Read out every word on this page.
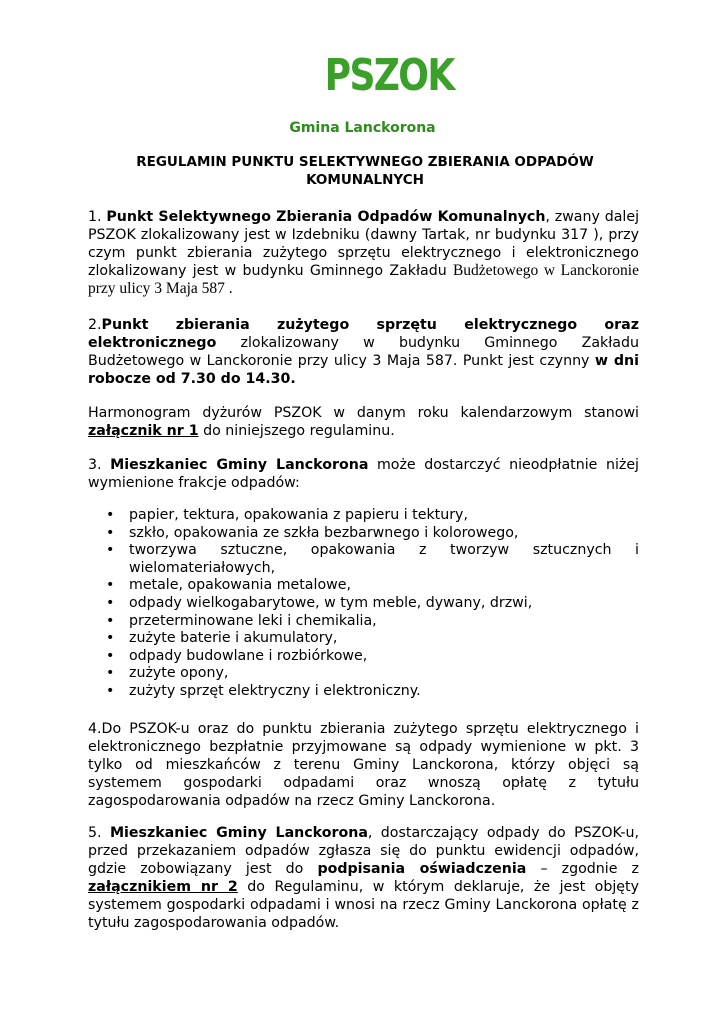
PSZOK
Gmina Lanckorona
REGULAMIN PUNKTU SELEKTYWNEGO ZBIERANIA ODPADÓW
KOMUNALNYCH
1. Punkt Selektywnego Zbierania Odpadów Komunalnych, zwany dalej PSZOK zlokalizowany jest w Izdebniku (dawny Tartak, nr budynku 317 ), przy czym punkt zbierania zużytego sprzętu elektrycznego i elektronicznego zlokalizowany jest w budynku Gminnego Zakładu Budżetowego w Lanckoronie przy ulicy 3 Maja 587 .
2.Punkt zbierania zużytego sprzętu elektrycznego oraz elektronicznego zlokalizowany w budynku Gminnego Zakładu Budżetowego w Lanckoronie przy ulicy 3 Maja 587. Punkt jest czynny w dni robocze od 7.30 do 14.30.
Harmonogram dyżurów PSZOK w danym roku kalendarzowym stanowi załącznik nr 1 do niniejszego regulaminu.
3. Mieszkaniec Gminy Lanckorona może dostarczyć nieodpłatnie niżej wymienione frakcje odpadów:
• papier, tektura, opakowania z papieru i tektury,
• szkło, opakowania ze szkła bezbarwnego i kolorowego,
• tworzywa sztuczne, opakowania z tworzyw sztucznych i wielomateriałowych,
• metale, opakowania metalowe,
• odpady wielkogabarytowe, w tym meble, dywany, drzwi,
• przeterminowane leki i chemikalia,
• zużyte baterie i akumulatory,
• odpady budowlane i rozbiórkowe,
• zużyte opony,
• zużyty sprzęt elektryczny i elektroniczny.
4.Do PSZOK-u oraz do punktu zbierania zużytego sprzętu elektrycznego i elektronicznego bezpłatnie przyjmowane są odpady wymienione w pkt. 3 tylko od mieszkańców z terenu Gminy Lanckorona, którzy objęci są systemem gospodarki odpadami oraz wnoszą opłatę z tytułu zagospodarowania odpadów na rzecz Gminy Lanckorona.
5. Mieszkaniec Gminy Lanckorona, dostarczający odpady do PSZOK-u, przed przekazaniem odpadów zgłasza się do punktu ewidencji odpadów, gdzie zobowiązany jest do podpisania oświadczenia – zgodnie z załącznikiem nr 2 do Regulaminu, w którym deklaruje, że jest objęty systemem gospodarki odpadami i wnosi na rzecz Gminy Lanckorona opłatę z tytułu zagospodarowania odpadów.
